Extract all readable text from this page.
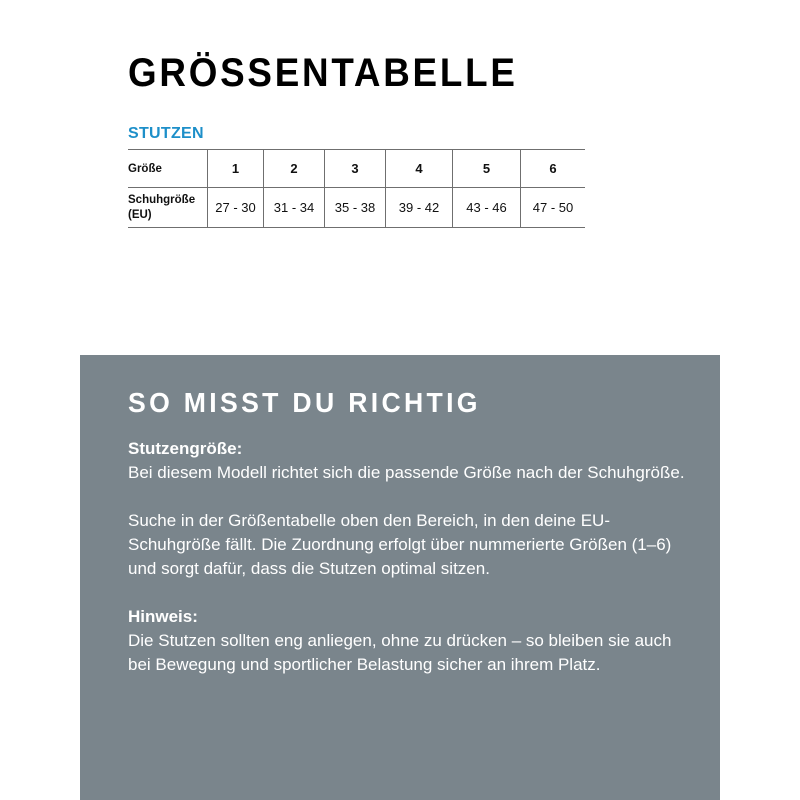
GRÖSSENTABELLE
STUTZEN
Größe	1	2	3	4	5	6
Schuhgröße
(EU)	27 - 30	31 - 34	35 - 38	39 - 42	43 - 46	47 - 50
SO MISST DU RICHTIG

Stutzengröße:
Bei diesem Modell richtet sich die passende Größe nach der Schuhgröße.

Suche in der Größentabelle oben den Bereich, in den deine EU-Schuhgröße fällt. Die Zuordnung erfolgt über nummerierte Größen (1–6) und sorgt dafür, dass die Stutzen optimal sitzen.

Hinweis:
Die Stutzen sollten eng anliegen, ohne zu drücken – so bleiben sie auch bei Bewegung und sportlicher Belastung sicher an ihrem Platz.
